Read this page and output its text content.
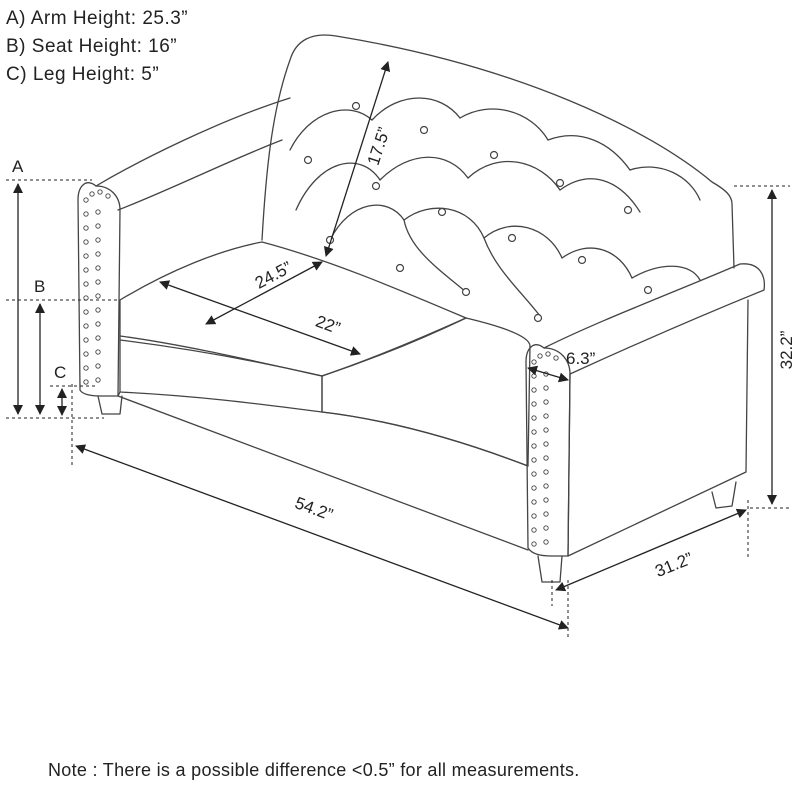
A) Arm Height: 25.3”
B) Seat Height: 16”
C) Leg Height: 5”
A
B
C
17.5”
24.5”
22”
6.3”	32.2”
54.2”
31.2”
Note : There is a possible difference <0.5” for all measurements.
